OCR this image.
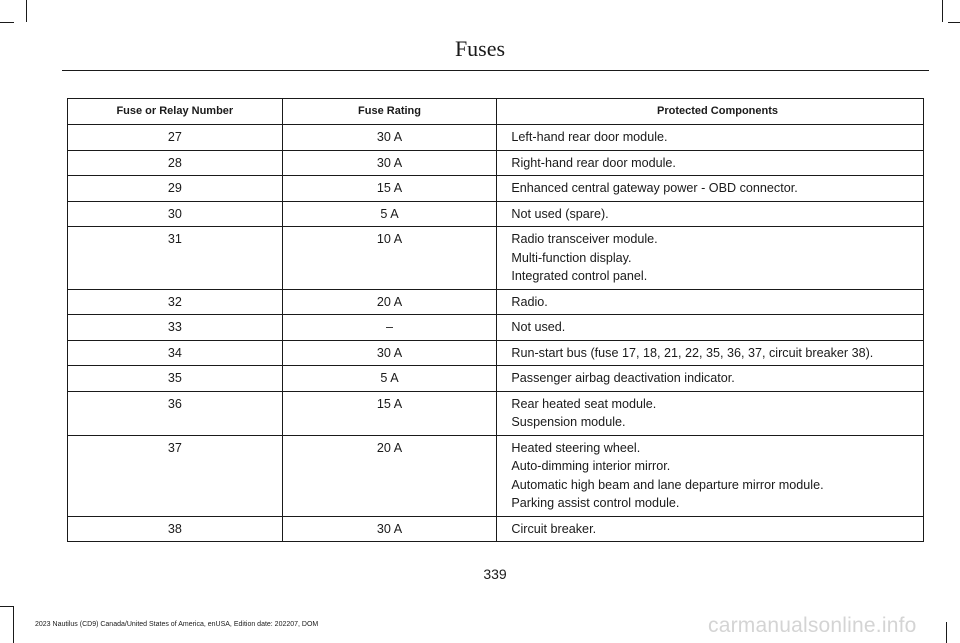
Fuses
Fuse or Relay Number	Fuse Rating	Protected Components
27	30 A	Left-hand rear door module.

28	30 A	Right-hand rear door module.

29	15 A	Enhanced central gateway power - OBD connector.

30	5 A	Not used (spare).

31	10 A	Radio transceiver module.
Multi-function display.
Integrated control panel.

32	20 A	Radio.

33	–	Not used.

34	30 A	Run-start bus (fuse 17, 18, 21, 22, 35, 36, 37, circuit breaker 38).

35	5 A	Passenger airbag deactivation indicator.

36	15 A	Rear heated seat module.
Suspension module.

37	20 A	Heated steering wheel.
Auto-dimming interior mirror.
Automatic high beam and lane departure mirror module.
Parking assist control module.

38	30 A	Circuit breaker.
339
2023 Nautilus (CD9) Canada/United States of America, enUSA, Edition date: 202207, DOM	carmanualsonline.info
